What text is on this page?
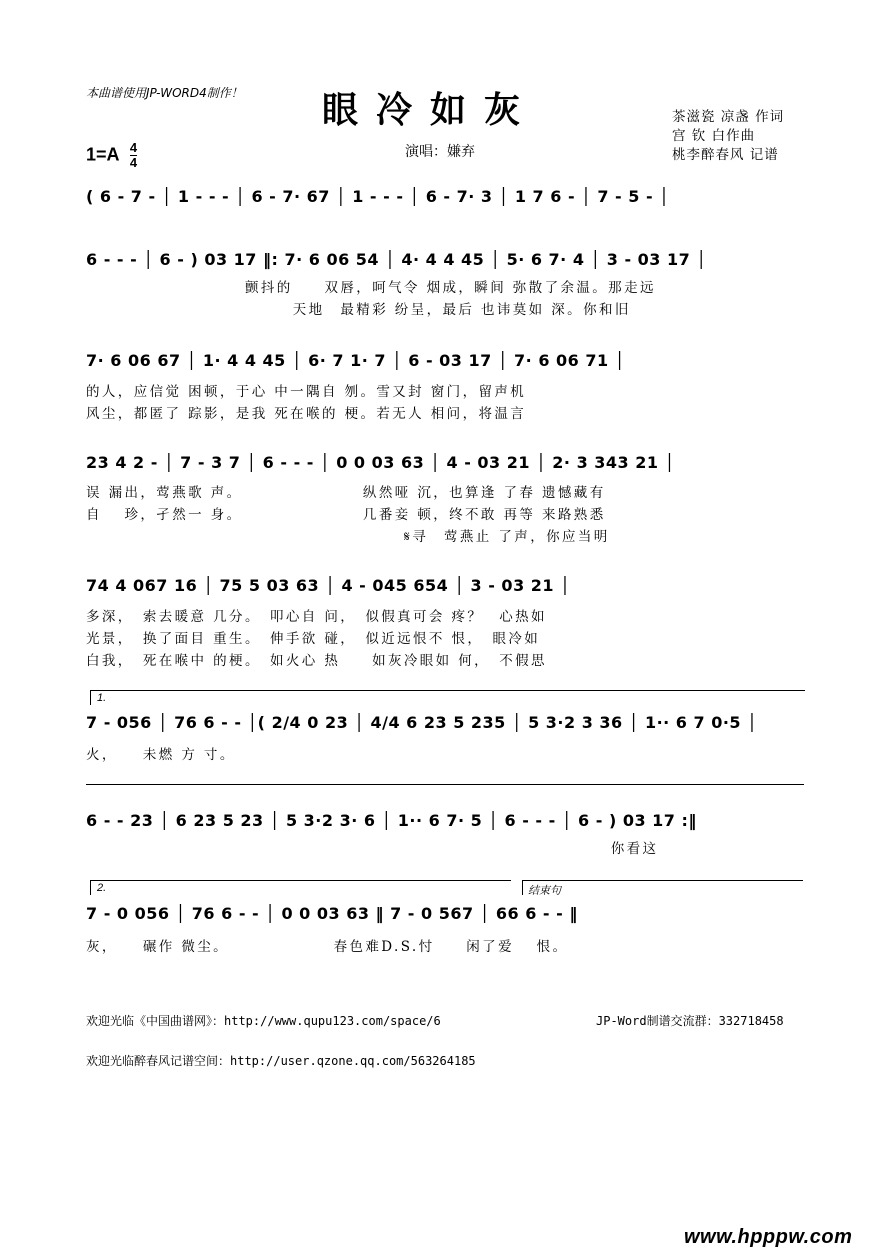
本曲谱使用JP-WORD4制作！ 眼冷如灰
$1=A \frac{4}{4}$	演唱：嫌弃
茶滋瓷 凉盏 作词
宫 钦 白作曲
桃李醉春风 记谱
( 6 - 7 - │ 1 - - - │ 6 - 7· 67 │ 1 - - - │ 6 - 7· 3 │ 1 7 6 - │ 7 - 5 - │
6 - - - │ 6 - ) 03 17 ‖: 7· 6 06 54 │ 4· 4 4 45 │ 5· 6 7· 4 │ 3 - 03 17 │
　　　　　　　　　　颤抖的　　双唇，呵气令 烟成，瞬间 弥散了余温。那走远
　　　　　　　　　　　　　天地　最精彩 纷呈，最后 也讳莫如 深。你和旧
7· 6 06 67 │ 1· 4 4 45 │ 6· 7 1· 7 │ 6 - 03 17 │ 7· 6 06 71 │
的人，应信觉 困顿，于心 中一隅自 刎。雪又封 窗门，留声机
风尘，都匿了 踪影，是我 死在喉的 梗。若无人 相问，将温言
23 4 2 - │ 7 - 3 7 │ 6 - - - │ 0 0 03 63 │ 4 - 03 21 │ 2· 3 343 21 │
误 漏出，莺燕歌 声。　　　　　　　　纵然哑 沉，也算逢 了春 遗憾藏有
自　 珍，孑然一 身。　　　　　　　　几番妾 顿，终不敢 再等 来路熟悉
　　　　　　　　　　　　　　　　　　　　𝄋寻　莺燕止 了声，你应当明
74 4 067 16 │ 75 5 03 63 │ 4 - 045 654 │ 3 - 03 21 │
多深，　索去暖意 几分。　叩心自 问，　似假真可会 疼？　心热如
光景，　换了面目 重生。　伸手欲 碰，　似近远恨不 恨，　眼冷如
白我，　死在喉中 的梗。　如火心 热　　如灰冷眼如 何，　不假思
1.
7 - 056 │ 76 6 - - │( 2/4 0 23 │ 4/4 6 23 5 235 │ 5 3·2 3 36 │ 1·· 6 7 0·5 │
火，　　未燃 方 寸。
6 - - 23 │ 6 23 5 23 │ 5 3·2 3· 6 │ 1·· 6 7· 5 │ 6 - - - │ 6 - ) 03 17 :‖
　　　　　　　　　　　　　　　　　　　　　　　　　　　　　　　　　你看这
2.	结束句
7 - 0 056 │ 76 6 - - │ 0 0 03 63 ‖ 7 - 0 567 │ 66 6 - - ‖
灰，　　碾作 微尘。　　　　　　　春色难D.S.忖　　闲了爱　 恨。
欢迎光临《中国曲谱网》：http://www.qupu123.com/space/6	JP-Word制谱交流群：332718458
欢迎光临醉春风记谱空间：http://user.qzone.qq.com/563264185
www.hpppw.com
